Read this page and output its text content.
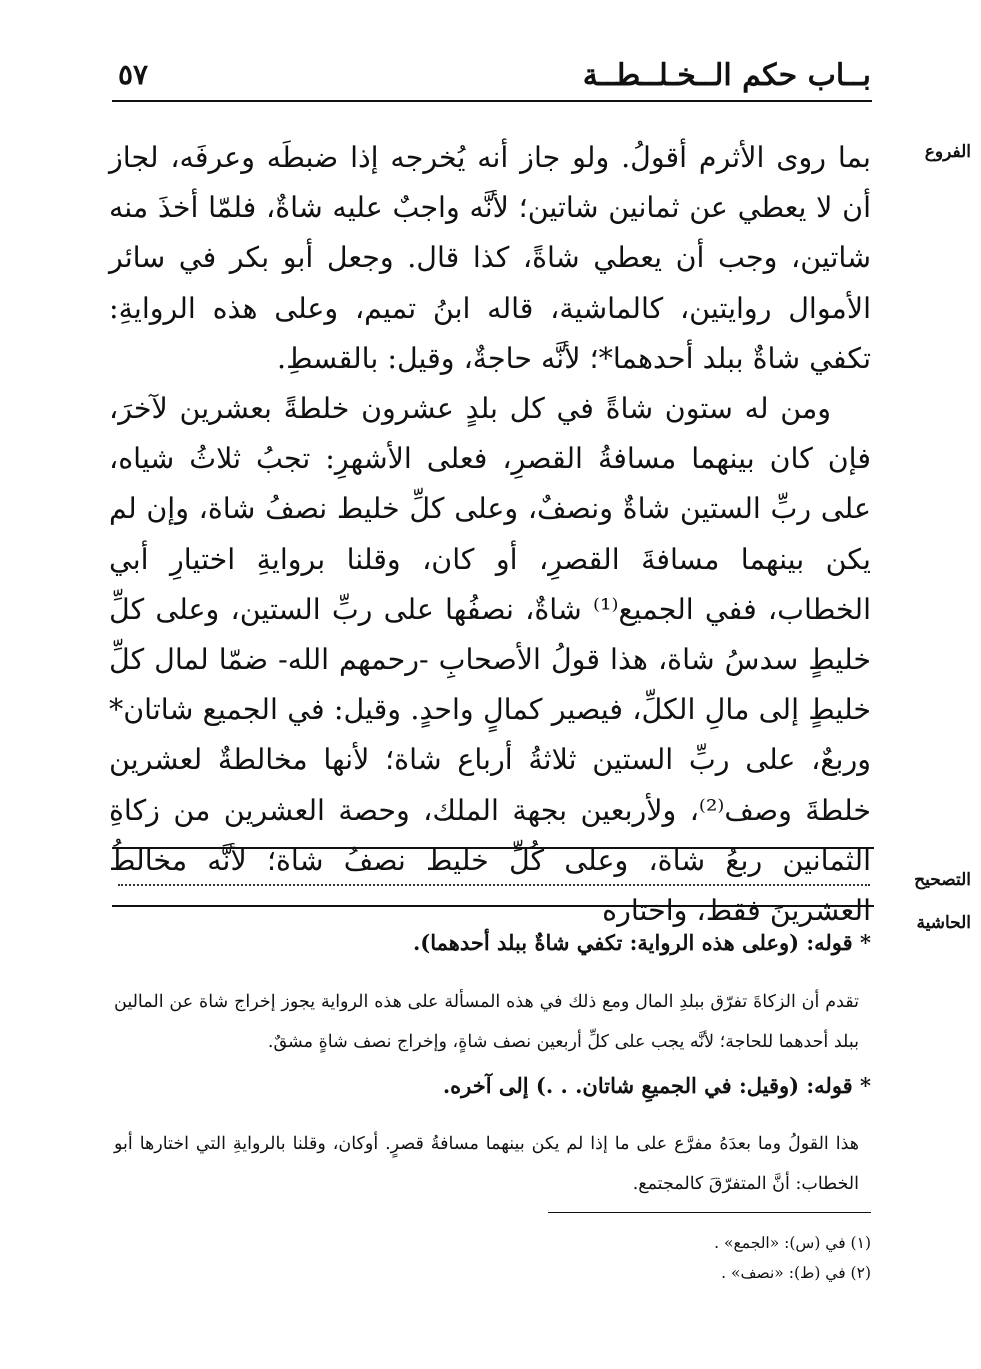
بــاب حكم الــخـلــطــة
٥٧
الفروع
التصحيح
الحاشية

بما روى الأثرم أقولُ. ولو جاز أنه يُخرجه إذا ضبطَه وعرفَه، لجاز أن لا يعطي عن ثمانين شاتين؛ لأنَّه واجبٌ عليه شاةٌ، فلمّا أخذَ منه شاتين، وجب أن يعطي شاةً، كذا قال. وجعل أبو بكر في سائر الأموال روايتين، كالماشية، قاله ابنُ تميم، وعلى هذه الروايةِ: تكفي شاةٌ ببلد أحدهما*؛ لأنَّه حاجةٌ، وقيل: بالقسطِ.

ومن له ستون شاةً في كل بلدٍ عشرون خلطةً بعشرين لآخرَ، فإن كان بينهما مسافةُ القصرِ، فعلى الأشهرِ: تجبُ ثلاثُ شياه، على ربِّ الستين شاةٌ ونصفٌ، وعلى كلِّ خليط نصفُ شاة، وإن لم يكن بينهما مسافةَ القصرِ، أو كان، وقلنا بروايةِ اختيارِ أبي الخطاب، ففي الجميع⁽¹⁾ شاةٌ، نصفُها على ربِّ الستين، وعلى كلِّ خليطٍ سدسُ شاة، هذا قولُ الأصحابِ -رحمهم الله- ضمّا لمال كلِّ خليطٍ إلى مالِ الكلِّ، فيصير كمالٍ واحدٍ. وقيل: في الجميع شاتان* وربعٌ، على ربِّ الستين ثلاثةُ أرباع شاة؛ لأنها مخالطةٌ لعشرين خلطةَ وصف⁽²⁾، ولأربعين بجهة الملك، وحصة العشرين من زكاةِ الثمانين ربعُ شاة، وعلى كُلِّ خليط نصفُ شاة؛ لأنَّه مخالطُ العشرينَ فقط، واختاره

* قوله: (وعلى هذه الرواية: تكفي شاةٌ ببلد أحدهما).
تقدم أن الزكاةَ تفرّق ببلدِ المال ومع ذلك في هذه المسألة على هذه الرواية يجوز إخراج شاة عن المالين ببلد أحدهما للحاجة؛ لأنَّه يجب على كلِّ أربعين نصف شاةٍ، وإخراج نصف شاةٍ مشقٌ.
* قوله: (وقيل: في الجميعِ شاتان. . .) إلى آخره.
هذا القولُ وما بعدَهُ مفرَّع على ما إذا لم يكن بينهما مسافةُ قصرٍ. أوكان، وقلنا بالروايةِ التي اختارها أبو الخطاب: أنَّ المتفرّقَ كالمجتمع.
(١) في (س): «الجمع» .
(٢) في (ط): «نصف» .
